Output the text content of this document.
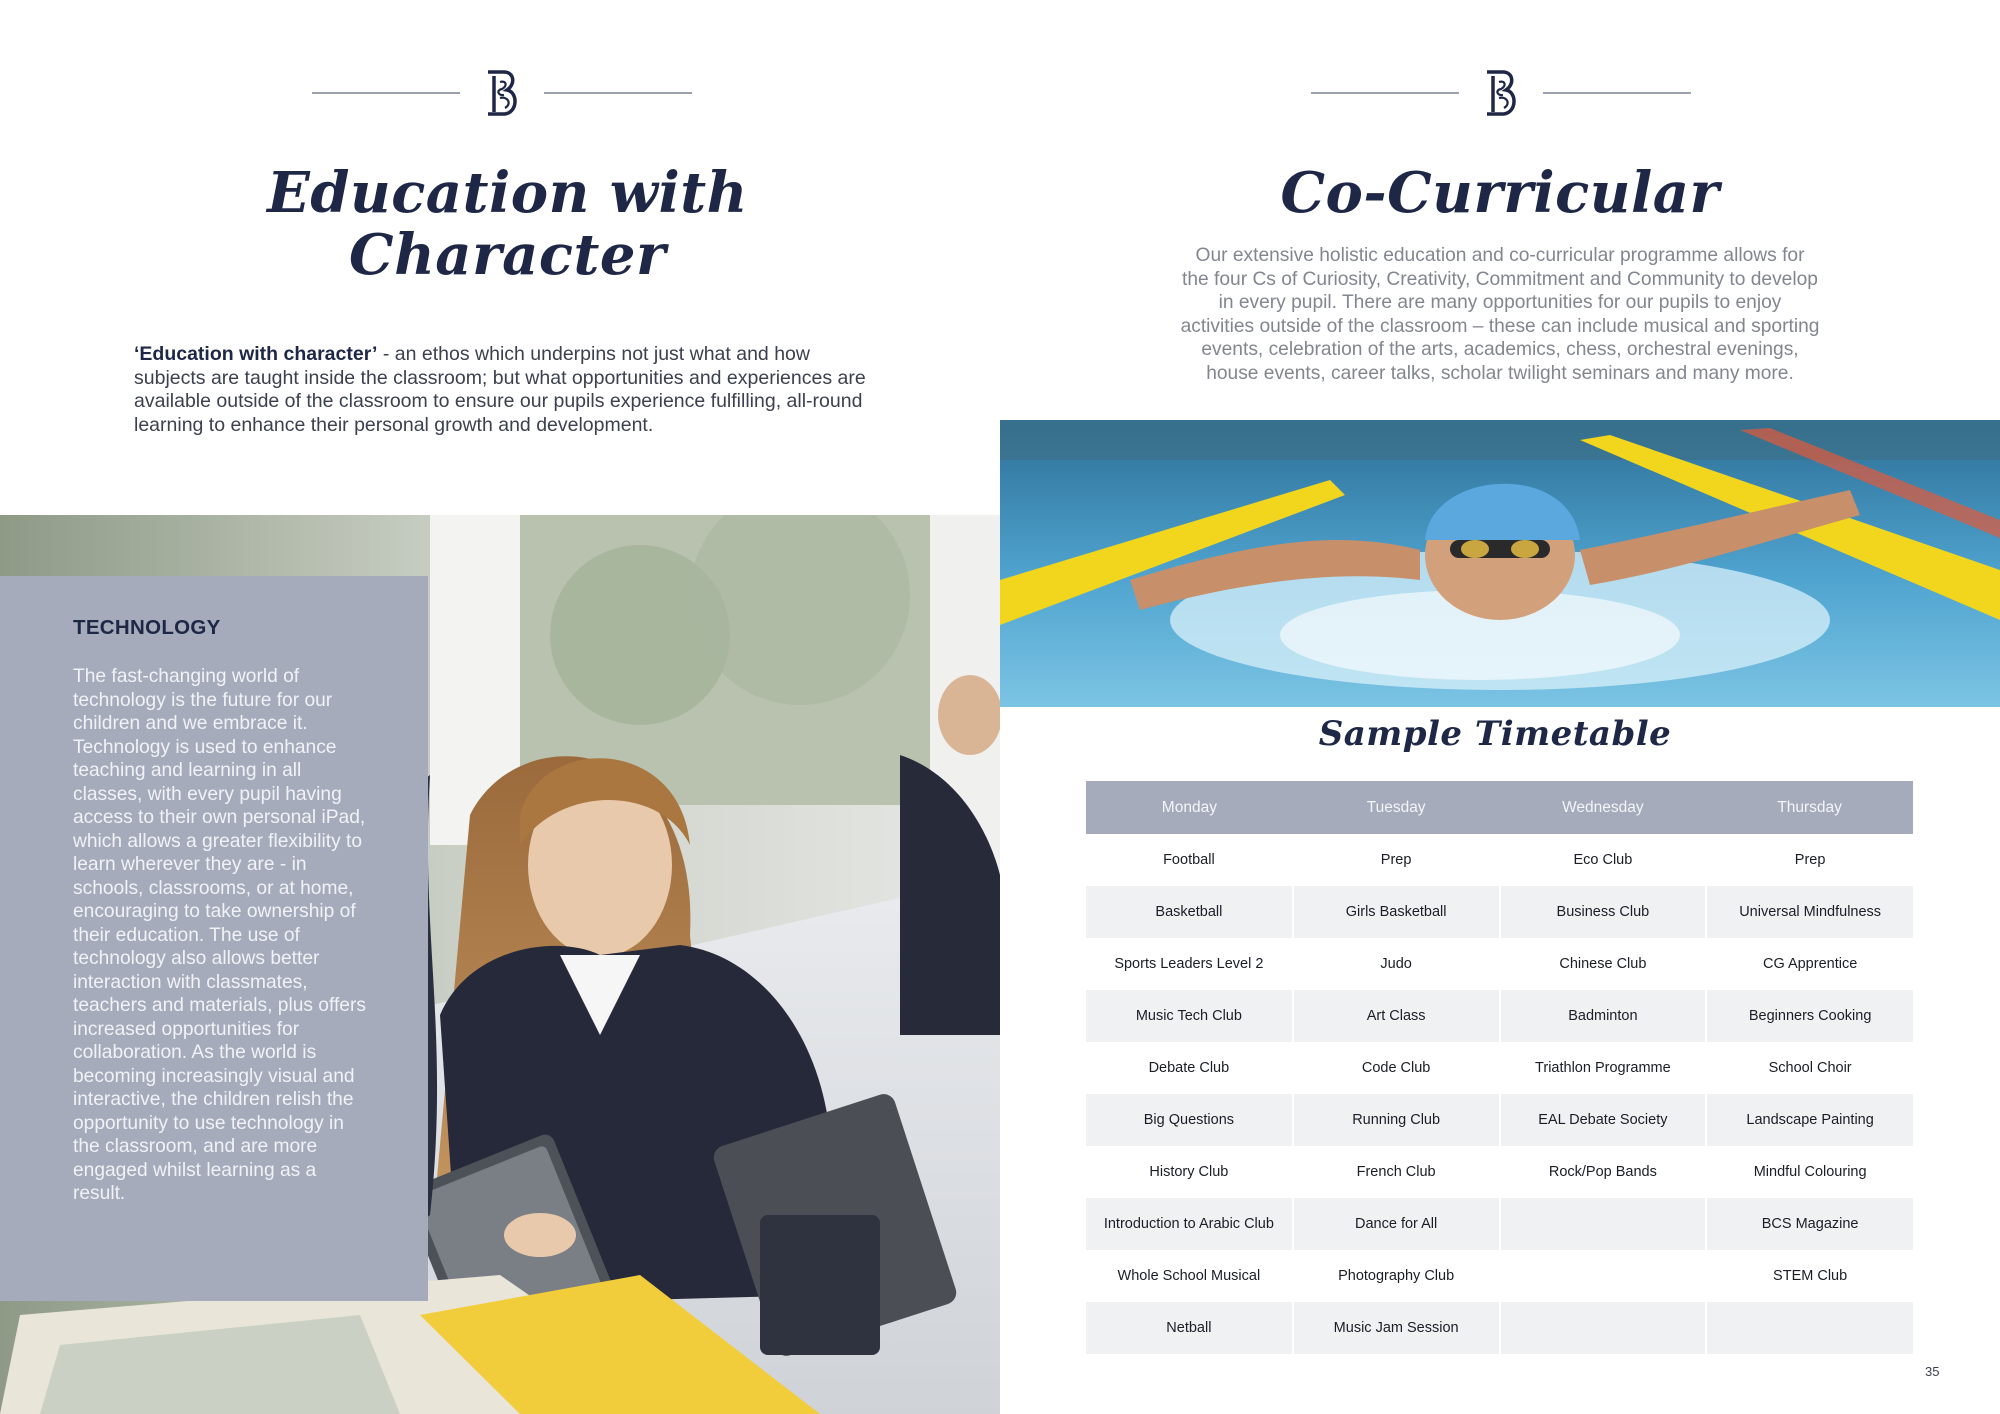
Education with
Character

‘Education with character’ - an ethos which underpins not just what and how subjects are taught inside the classroom; but what opportunities and experiences are available outside of the classroom to ensure our pupils experience fulfilling, all-round learning to enhance their personal growth and development.

TECHNOLOGY

The fast-changing world of technology is the future for our children and we embrace it. Technology is used to enhance teaching and learning in all classes, with every pupil having access to their own personal iPad, which allows a greater flexibility to learn wherever they are - in schools, classrooms, or at home, encouraging to take ownership of their education. The use of technology also allows better interaction with classmates, teachers and materials, plus offers increased opportunities for collaboration. As the world is becoming increasingly visual and interactive, the children relish the opportunity to use technology in the classroom, and are more engaged whilst learning as a result.

Co-Curricular

Our extensive holistic education and co-curricular programme allows for the four Cs of Curiosity, Creativity, Commitment and Community to develop in every pupil. There are many opportunities for our pupils to enjoy activities outside of the classroom – these can include musical and sporting events, celebration of the arts, academics, chess, orchestral evenings, house events, career talks, scholar twilight seminars and many more.

Sample Timetable
Monday	Tuesday	Wednesday	Thursday
Football	Prep	Eco Club	Prep
Basketball	Girls Basketball	Business Club	Universal Mindfulness
Sports Leaders Level 2	Judo	Chinese Club	CG Apprentice
Music Tech Club	Art Class	Badminton	Beginners Cooking
Debate Club	Code Club	Triathlon Programme	School Choir
Big Questions	Running Club	EAL Debate Society	Landscape Painting
History Club	French Club	Rock/Pop Bands	Mindful Colouring
Introduction to Arabic Club	Dance for All		BCS Magazine
Whole School Musical	Photography Club		STEM Club
Netball	Music Jam Session		
35
